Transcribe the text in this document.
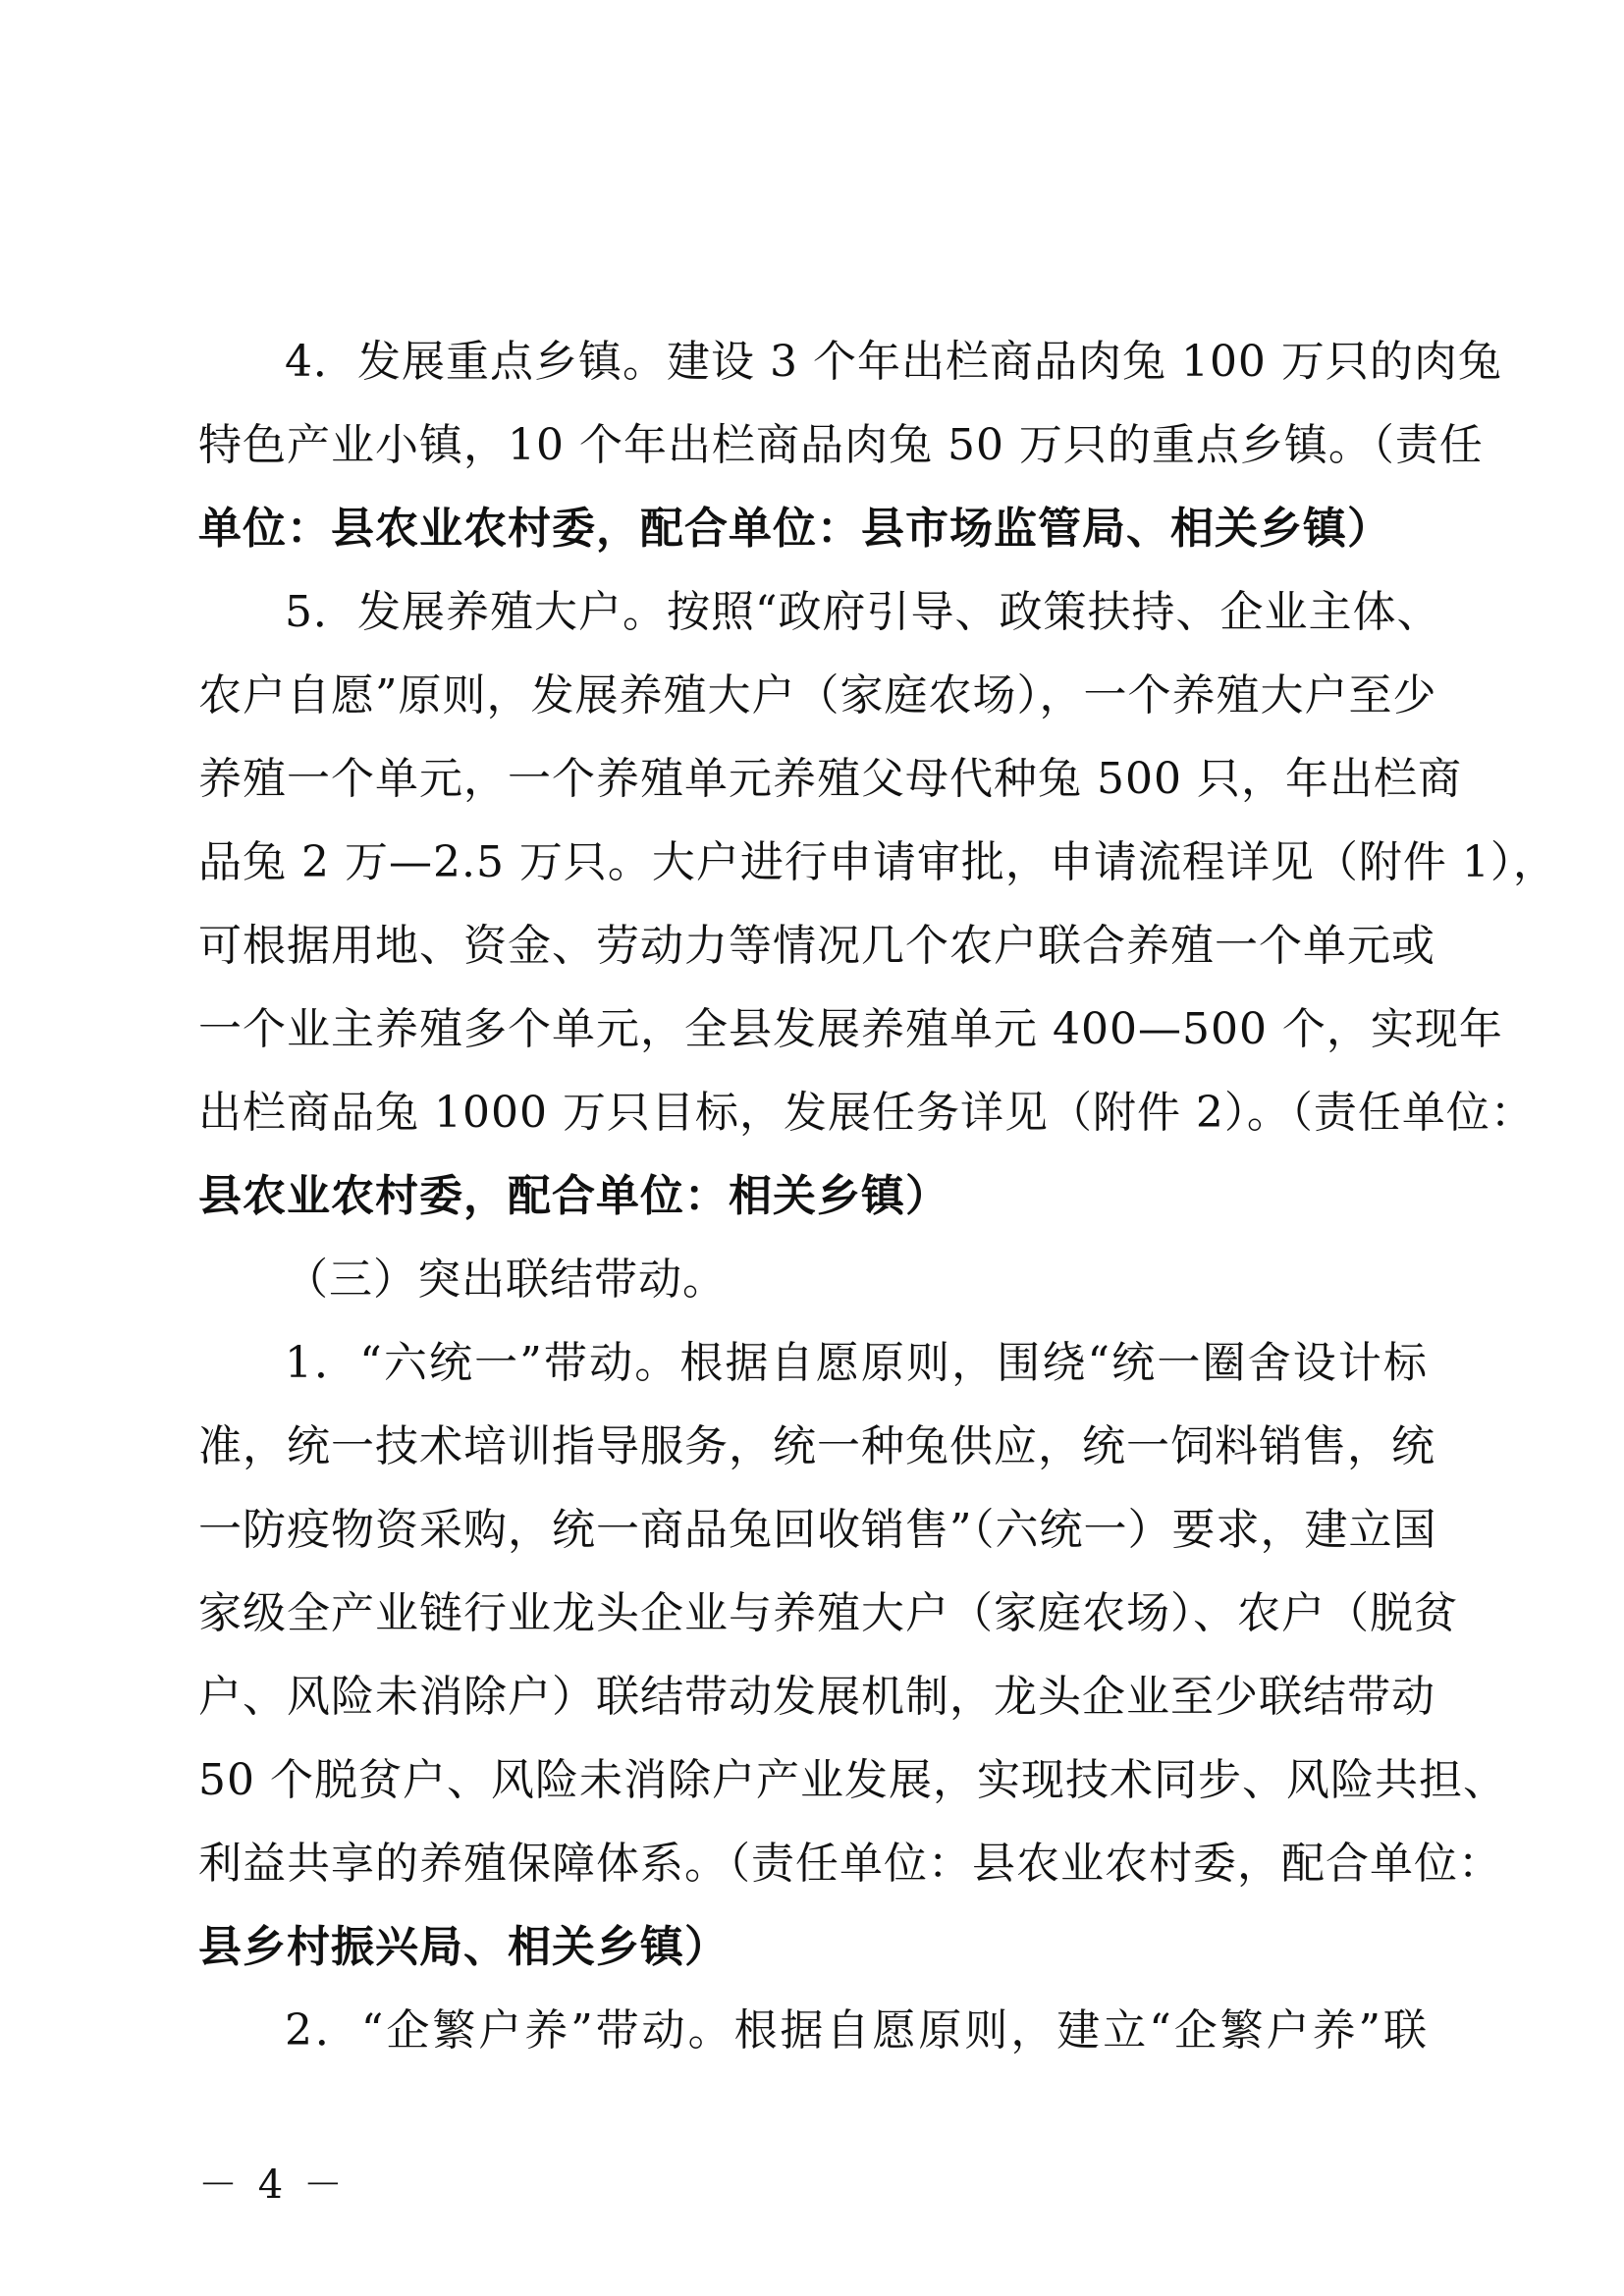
4．发展重点乡镇。建设 3 个年出栏商品肉兔 100 万只的肉兔
特色产业小镇，10 个年出栏商品肉兔 50 万只的重点乡镇。（责任
单位：县农业农村委，配合单位：县市场监管局、相关乡镇）
5．发展养殖大户。按照“政府引导、政策扶持、企业主体、
农户自愿”原则，发展养殖大户（家庭农场），一个养殖大户至少
养殖一个单元，一个养殖单元养殖父母代种兔 500 只，年出栏商
品兔 2 万—2.5 万只。大户进行申请审批，申请流程详见（附件 1），
可根据用地、资金、劳动力等情况几个农户联合养殖一个单元或
一个业主养殖多个单元，全县发展养殖单元 400—500 个，实现年
出栏商品兔 1000 万只目标，发展任务详见（附件 2）。（责任单位：
县农业农村委，配合单位：相关乡镇）
（三）突出联结带动。
1．“六统一”带动。根据自愿原则，围绕“统一圈舍设计标
准，统一技术培训指导服务，统一种兔供应，统一饲料销售，统
一防疫物资采购，统一商品兔回收销售”（六统一）要求，建立国
家级全产业链行业龙头企业与养殖大户（家庭农场）、农户（脱贫
户、风险未消除户）联结带动发展机制，龙头企业至少联结带动
50 个脱贫户、风险未消除户产业发展，实现技术同步、风险共担、
利益共享的养殖保障体系。（责任单位：县农业农村委，配合单位：
县乡村振兴局、相关乡镇）
2．“企繁户养”带动。根据自愿原则，建立“企繁户养”联
－ 4 －
